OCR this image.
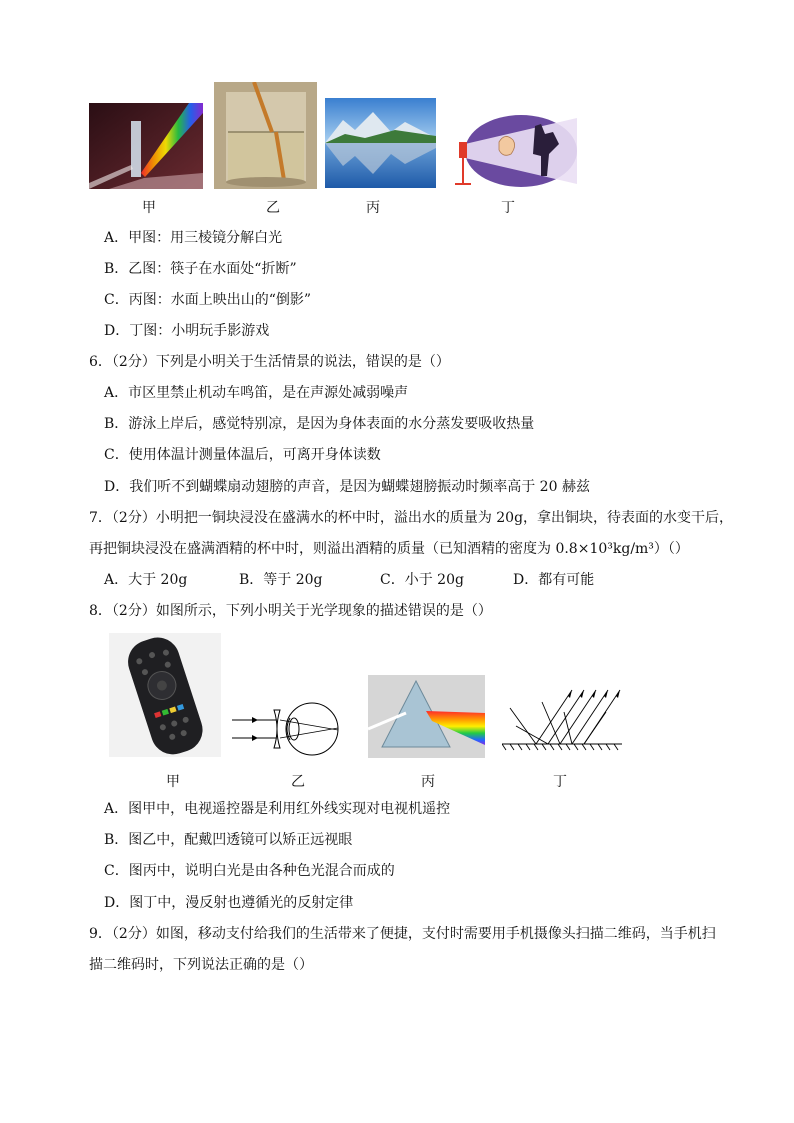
甲	乙	丙	丁
A．甲图：用三棱镜分解白光
B．乙图：筷子在水面处“折断”
C．丙图：水面上映出山的“倒影”
D．丁图：小明玩手影游戏
6．（2分）下列是小明关于生活情景的说法，错误的是（）
A．市区里禁止机动车鸣笛，是在声源处减弱噪声
B．游泳上岸后，感觉特别凉，是因为身体表面的水分蒸发要吸收热量
C．使用体温计测量体温后，可离开身体读数
D．我们听不到蝴蝶扇动翅膀的声音，是因为蝴蝶翅膀振动时频率高于 20 赫兹
7．（2分）小明把一铜块浸没在盛满水的杯中时，溢出水的质量为 20g，拿出铜块，待表面的水变干后，
再把铜块浸没在盛满酒精的杯中时，则溢出酒精的质量（已知酒精的密度为 0.8×10³kg/m³）（）
A．大于 20g	B．等于 20g	C．小于 20g	D．都有可能
8．（2分）如图所示，下列小明关于光学现象的描述错误的是（）
甲	乙	丙	丁
A．图甲中，电视遥控器是利用红外线实现对电视机遥控
B．图乙中，配戴凹透镜可以矫正远视眼
C．图丙中，说明白光是由各种色光混合而成的
D．图丁中，漫反射也遵循光的反射定律
9．（2分）如图，移动支付给我们的生活带来了便捷，支付时需要用手机摄像头扫描二维码，当手机扫
描二维码时，下列说法正确的是（）
